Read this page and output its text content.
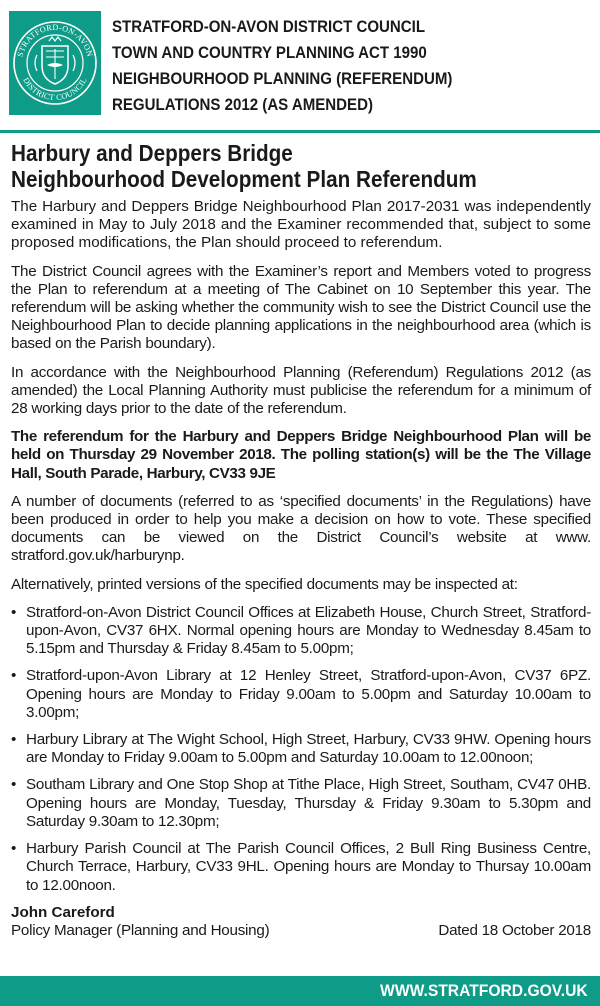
STRATFORD-ON-AVON
DISTRICT COUNCIL
STRATFORD-ON-AVON DISTRICT COUNCIL
TOWN AND COUNTRY PLANNING ACT 1990
NEIGHBOURHOOD PLANNING (REFERENDUM)
REGULATIONS 2012 (AS AMENDED)
Harbury and Deppers Bridge
Neighbourhood Development Plan Referendum

The Harbury and Deppers Bridge Neighbourhood Plan 2017-2031 was independently examined in May to July 2018 and the Examiner recommended that, subject to some proposed modifications, the Plan should proceed to referendum.

The District Council agrees with the Examiner’s report and Members voted to progress the Plan to referendum at a meeting of The Cabinet on 10 September this year. The referendum will be asking whether the community wish to see the District Council use the Neighbourhood Plan to decide planning applications in the neighbourhood area (which is based on the Parish boundary).

In accordance with the Neighbourhood Planning (Referendum) Regulations 2012 (as amended) the Local Planning Authority must publicise the referendum for a minimum of 28 working days prior to the date of the referendum.

The referendum for the Harbury and Deppers Bridge Neighbourhood Plan will be held on Thursday 29 November 2018. The polling station(s) will be the The Village Hall, South Parade, Harbury, CV33 9JE

A number of documents (referred to as ‘specified documents’ in the Regulations) have been produced in order to help you make a decision on how to vote. These specified documents can be viewed on the District Council’s website at www. stratford.gov.uk/harburynp.

Alternatively, printed versions of the specified documents may be inspected at:

• Stratford-on-Avon District Council Offices at Elizabeth House, Church Street, Stratford-upon-Avon, CV37 6HX. Normal opening hours are Monday to Wednesday 8.45am to 5.15pm and Thursday & Friday 8.45am to 5.00pm;
• Stratford-upon-Avon Library at 12 Henley Street, Stratford-upon-Avon, CV37 6PZ. Opening hours are Monday to Friday 9.00am to 5.00pm and Saturday 10.00am to 3.00pm;
• Harbury Library at The Wight School, High Street, Harbury, CV33 9HW. Opening hours are Monday to Friday 9.00am to 5.00pm and Saturday 10.00am to 12.00noon;
• Southam Library and One Stop Shop at Tithe Place, High Street, Southam, CV47 0HB. Opening hours are Monday, Tuesday, Thursday & Friday 9.30am to 5.30pm and Saturday 9.30am to 12.30pm;
• Harbury Parish Council at The Parish Council Offices, 2 Bull Ring Business Centre, Church Terrace, Harbury, CV33 9HL. Opening hours are Monday to Thursay 10.00am to 12.00noon.
John Careford
Policy Manager (Planning and Housing)	Dated 18 October 2018
WWW.STRATFORD.GOV.UK
